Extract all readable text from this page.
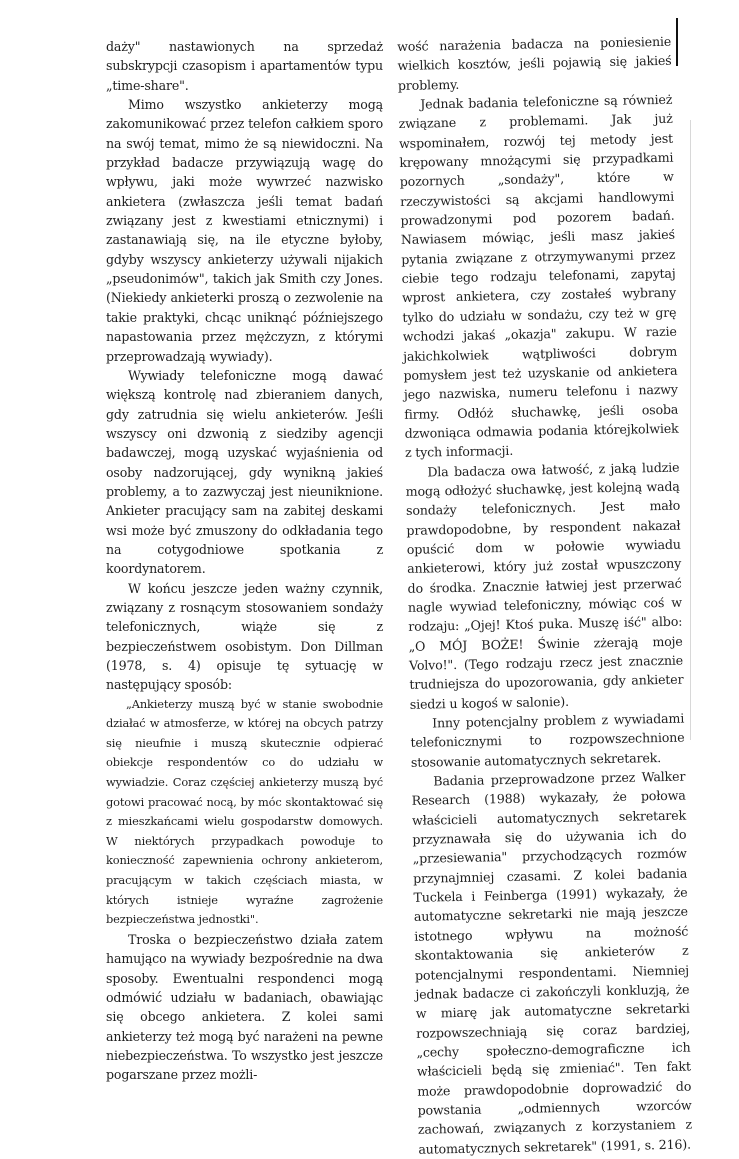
daży" nastawionych na sprzedaż subskrypcji czasopism i apartamentów typu „time-share".

Mimo wszystko ankieterzy mogą zakomunikować przez telefon całkiem sporo na swój temat, mimo że są niewidoczni. Na przykład badacze przywiązują wagę do wpływu, jaki może wywrzeć nazwisko ankietera (zwłaszcza jeśli temat badań związany jest z kwestiami etnicznymi) i zastanawiają się, na ile etyczne byłoby, gdyby wszyscy ankieterzy używali nijakich „pseudonimów", takich jak Smith czy Jones. (Niekiedy ankieterki proszą o zezwolenie na takie praktyki, chcąc uniknąć późniejszego napastowania przez mężczyzn, z którymi przeprowadzają wywiady).

Wywiady telefoniczne mogą dawać większą kontrolę nad zbieraniem danych, gdy zatrudnia się wielu ankieterów. Jeśli wszyscy oni dzwonią z siedziby agencji badawczej, mogą uzyskać wyjaśnienia od osoby nadzorującej, gdy wynikną jakieś problemy, a to zazwyczaj jest nieuniknione. Ankieter pracujący sam na zabitej deskami wsi może być zmuszony do odkładania tego na cotygodniowe spotkania z koordynatorem.

W końcu jeszcze jeden ważny czynnik, związany z rosnącym stosowaniem sondaży telefonicznych, wiąże się z bezpieczeństwem osobistym. Don Dillman (1978, s. 4) opisuje tę sytuację w następujący sposób:

„Ankieterzy muszą być w stanie swobodnie działać w atmosferze, w której na obcych patrzy się nieufnie i muszą skutecznie odpierać obiekcje respondentów co do udziału w wywiadzie. Coraz częściej ankieterzy muszą być gotowi pracować nocą, by móc skontaktować się z mieszkańcami wielu gospodarstw domowych. W niektórych przypadkach powoduje to konieczność zapewnienia ochrony ankieterom, pracującym w takich częściach miasta, w których istnieje wyraźne zagrożenie bezpieczeństwa jednostki".

Troska o bezpieczeństwo działa zatem hamująco na wywiady bezpośrednie na dwa sposoby. Ewentualni respondenci mogą odmówić udziału w badaniach, obawiając się obcego ankietera. Z kolei sami ankieterzy też mogą być narażeni na pewne niebezpieczeństwa. To wszystko jest jeszcze pogarszane przez możli-

wość narażenia badacza na poniesienie wielkich kosztów, jeśli pojawią się jakieś problemy.

Jednak badania telefoniczne są również związane z problemami. Jak już wspominałem, rozwój tej metody jest krępowany mnożącymi się przypadkami pozornych „sondaży", które w rzeczywistości są akcjami handlowymi prowadzonymi pod pozorem badań. Nawiasem mówiąc, jeśli masz jakieś pytania związane z otrzymywanymi przez ciebie tego rodzaju telefonami, zapytaj wprost ankietera, czy zostałeś wybrany tylko do udziału w sondażu, czy też w grę wchodzi jakaś „okazja" zakupu. W razie jakichkolwiek wątpliwości dobrym pomysłem jest też uzyskanie od ankietera jego nazwiska, numeru telefonu i nazwy firmy. Odłóż słuchawkę, jeśli osoba dzwoniąca odmawia podania którejkolwiek z tych informacji.

Dla badacza owa łatwość, z jaką ludzie mogą odłożyć słuchawkę, jest kolejną wadą sondaży telefonicznych. Jest mało prawdopodobne, by respondent nakazał opuścić dom w połowie wywiadu ankieterowi, który już został wpuszczony do środka. Znacznie łatwiej jest przerwać nagle wywiad telefoniczny, mówiąc coś w rodzaju: „Ojej! Ktoś puka. Muszę iść" albo: „O MÓJ BOŻE! Świnie zżerają moje Volvo!". (Tego rodzaju rzecz jest znacznie trudniejsza do upozorowania, gdy ankieter siedzi u kogoś w salonie).

Inny potencjalny problem z wywiadami telefonicznymi to rozpowszechnione stosowanie automatycznych sekretarek.

Badania przeprowadzone przez Walker Research (1988) wykazały, że połowa właścicieli automatycznych sekretarek przyznawała się do używania ich do „przesiewania" przychodzących rozmów przynajmniej czasami. Z kolei badania Tuckela i Feinberga (1991) wykazały, że automatyczne sekretarki nie mają jeszcze istotnego wpływu na możność skontaktowania się ankieterów z potencjalnymi respondentami. Niemniej jednak badacze ci zakończyli konkluzją, że w miarę jak automatyczne sekretarki rozpowszechniają się coraz bardziej, „cechy społeczno-demograficzne ich właścicieli będą się zmieniać". Ten fakt może prawdopodobnie doprowadzić do powstania „odmiennych wzorców zachowań, związanych z korzystaniem z automatycznych sekretarek" (1991, s. 216).
